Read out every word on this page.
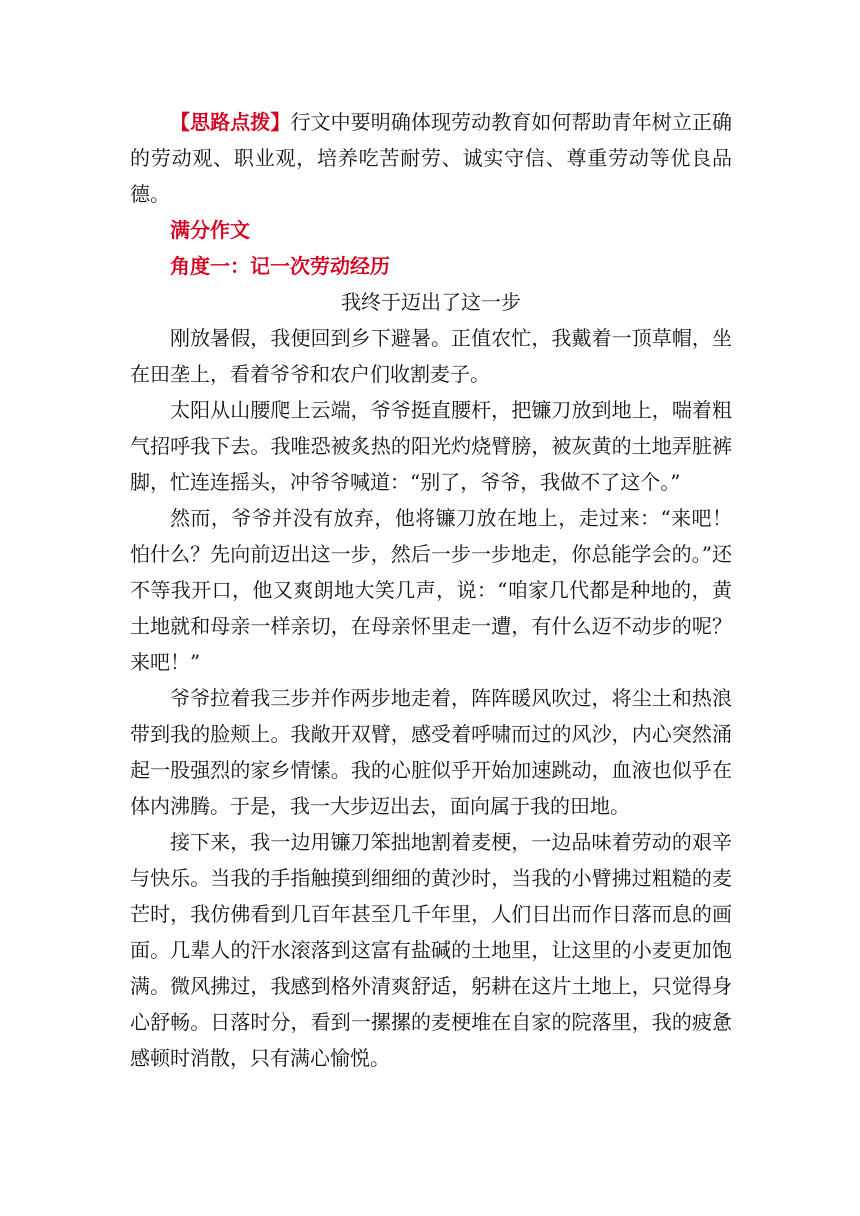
【思路点拨】行文中要明确体现劳动教育如何帮助青年树立正确的劳动观、职业观，培养吃苦耐劳、诚实守信、尊重劳动等优良品德。

满分作文

角度一：记一次劳动经历

我终于迈出了这一步

刚放暑假，我便回到乡下避暑。正值农忙，我戴着一顶草帽，坐在田垄上，看着爷爷和农户们收割麦子。

太阳从山腰爬上云端，爷爷挺直腰杆，把镰刀放到地上，喘着粗气招呼我下去。我唯恐被炙热的阳光灼烧臂膀，被灰黄的土地弄脏裤脚，忙连连摇头，冲爷爷喊道：“别了，爷爷，我做不了这个。”

然而，爷爷并没有放弃，他将镰刀放在地上，走过来：“来吧！怕什么？先向前迈出这一步，然后一步一步地走，你总能学会的。”还不等我开口，他又爽朗地大笑几声，说：“咱家几代都是种地的，黄土地就和母亲一样亲切，在母亲怀里走一遭，有什么迈不动步的呢？来吧！”

爷爷拉着我三步并作两步地走着，阵阵暖风吹过，将尘土和热浪带到我的脸颊上。我敞开双臂，感受着呼啸而过的风沙，内心突然涌起一股强烈的家乡情愫。我的心脏似乎开始加速跳动，血液也似乎在体内沸腾。于是，我一大步迈出去，面向属于我的田地。

接下来，我一边用镰刀笨拙地割着麦梗，一边品味着劳动的艰辛与快乐。当我的手指触摸到细细的黄沙时，当我的小臂拂过粗糙的麦芒时，我仿佛看到几百年甚至几千年里，人们日出而作日落而息的画面。几辈人的汗水滚落到这富有盐碱的土地里，让这里的小麦更加饱满。微风拂过，我感到格外清爽舒适，躬耕在这片土地上，只觉得身心舒畅。日落时分，看到一摞摞的麦梗堆在自家的院落里，我的疲惫感顿时消散，只有满心愉悦。
